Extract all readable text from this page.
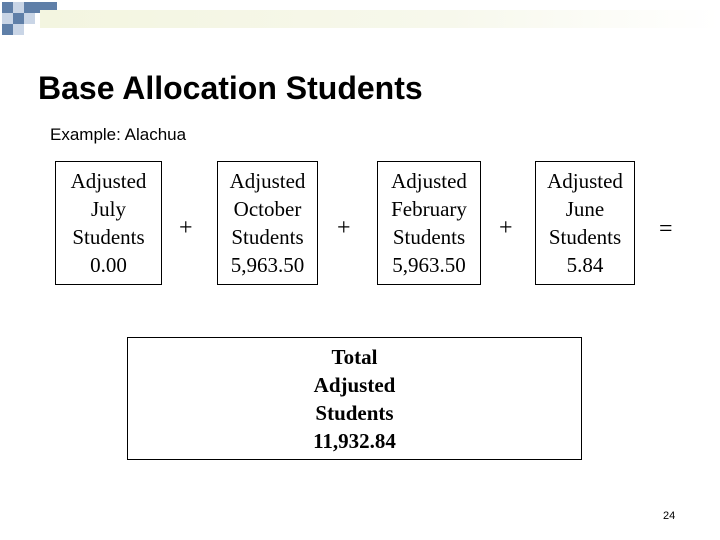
Base Allocation Students
Example: Alachua
Adjusted
July
Students
0.00
+
Adjusted
October
Students
5,963.50
+
Adjusted
February
Students
5,963.50
+
Adjusted
June
Students
5.84
=
Total
Adjusted
Students
11,932.84
24
